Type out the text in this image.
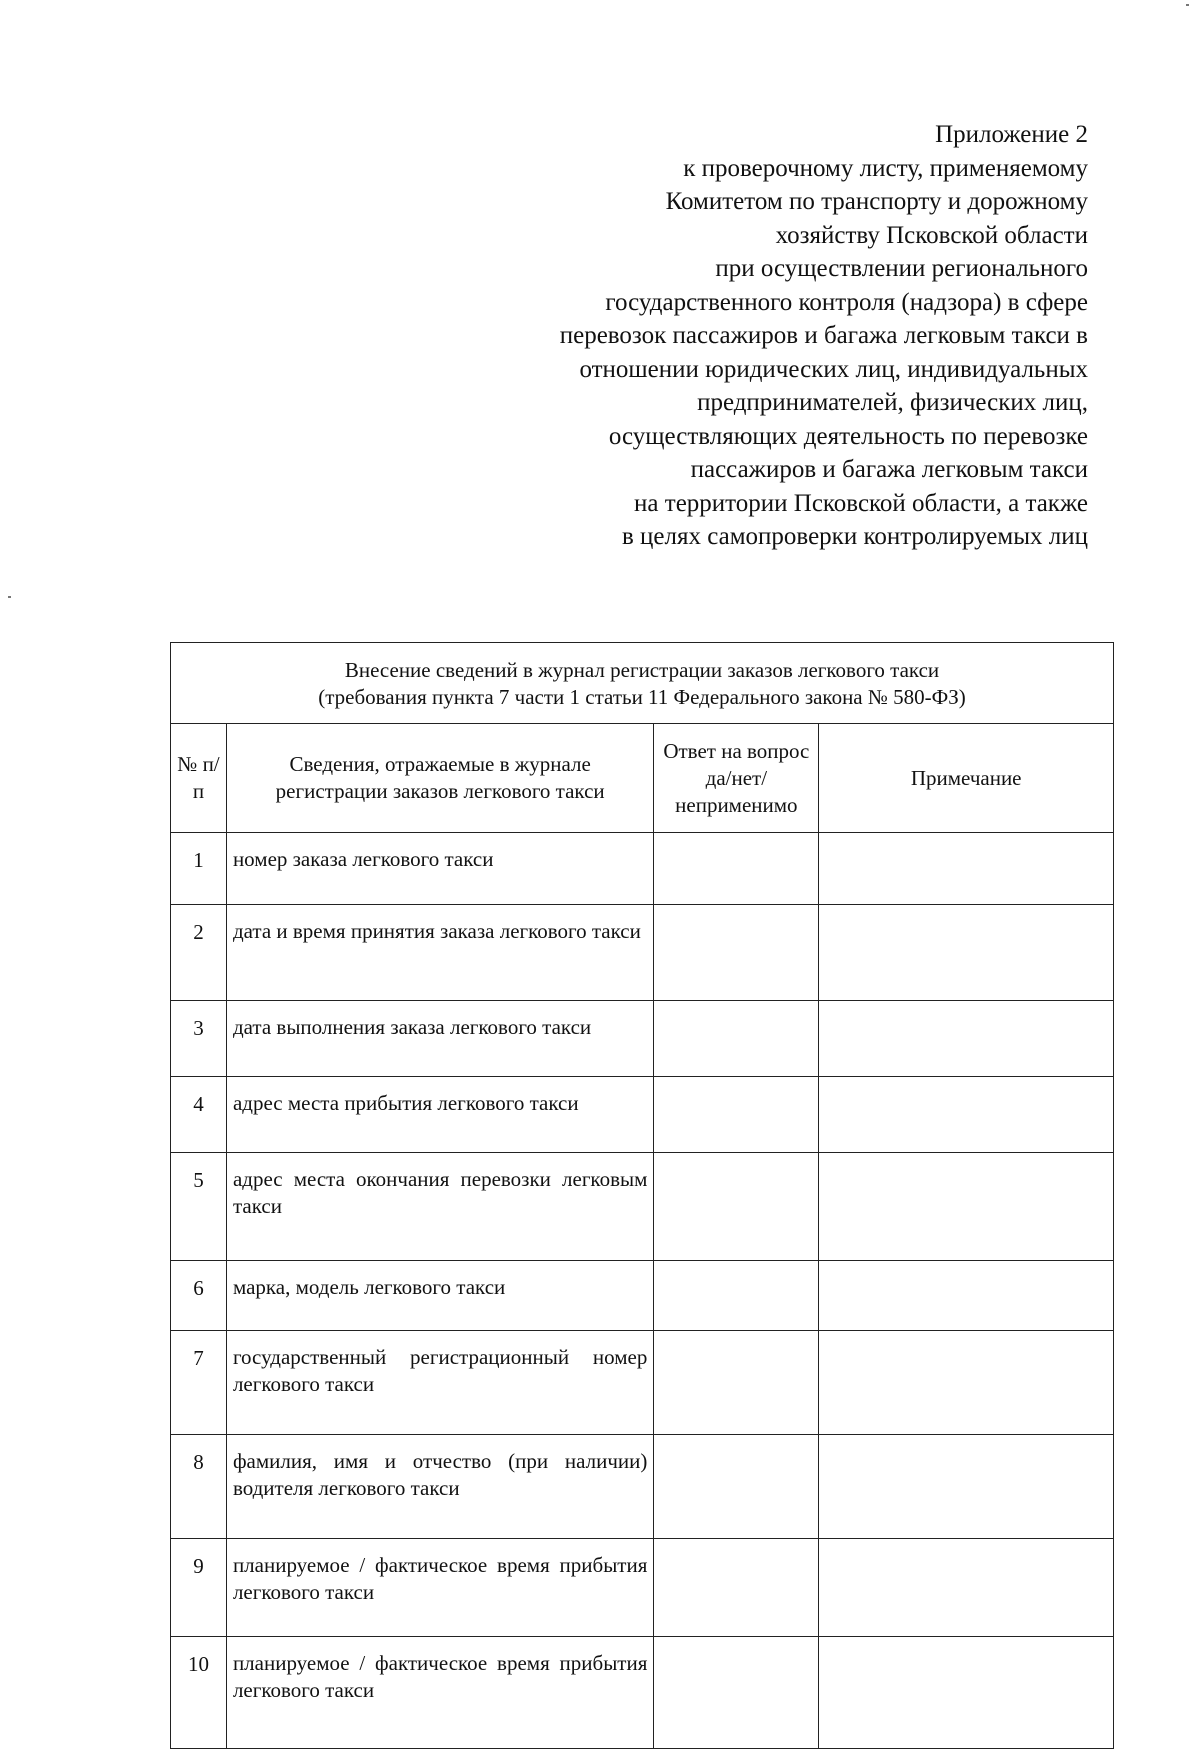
Приложение 2
к проверочному листу, применяемому
Комитетом по транспорту и дорожному
хозяйству Псковской области
при осуществлении регионального
государственного контроля (надзора) в сфере
перевозок пассажиров и багажа легковым такси в
отношении юридических лиц, индивидуальных
предпринимателей, физических лиц,
осуществляющих деятельность по перевозке
пассажиров и багажа легковым такси
на территории Псковской области, а также
в целях самопроверки контролируемых лиц
Внесение сведений в журнал регистрации заказов легкового такси
(требования пункта 7 части 1 статьи 11 Федерального закона № 580-ФЗ)			

№ п/п	Сведения, отражаемые в журнале регистрации заказов легкового такси	Ответ на вопрос да/нет/ неприменимо	Примечание
1	номер заказа легкового такси		
2	дата и время принятия заказа легкового такси		
3	дата выполнения заказа легкового такси		
4	адрес места прибытия легкового такси		
5	адрес места окончания перевозки легковым такси		
6	марка, модель легкового такси		
7	государственный регистрационный номер легкового такси		
8	фамилия, имя и отчество (при наличии) водителя легкового такси		
9	планируемое / фактическое время прибытия легкового такси		
10	планируемое / фактическое время прибытия легкового такси		
